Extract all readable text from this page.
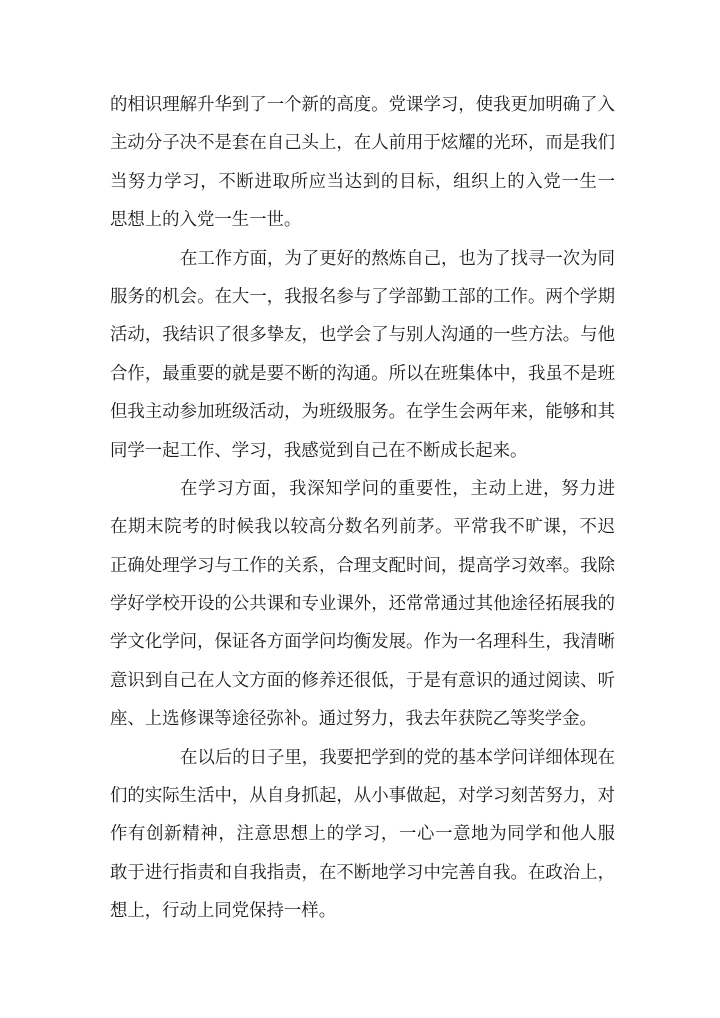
的相识理解升华到了一个新的高度。党课学习，使我更加明确了入
主动分子决不是套在自己头上，在人前用于炫耀的光环，而是我们
当努力学习，不断进取所应当达到的目标，组织上的入党一生一
思想上的入党一生一世。
在工作方面，为了更好的熬炼自己，也为了找寻一次为同
服务的机会。在大一，我报名参与了学部勤工部的工作。两个学期
活动，我结识了很多挚友，也学会了与别人沟通的一些方法。与他
合作，最重要的就是要不断的沟通。所以在班集体中，我虽不是班
但我主动参加班级活动，为班级服务。在学生会两年来，能够和其
同学一起工作、学习，我感觉到自己在不断成长起来。
在学习方面，我深知学问的重要性，主动上进，努力进
在期末院考的时候我以较高分数名列前茅。平常我不旷课，不迟
正确处理学习与工作的关系，合理支配时间，提高学习效率。我除
学好学校开设的公共课和专业课外，还常常通过其他途径拓展我的
学文化学问，保证各方面学问均衡发展。作为一名理科生，我清晰
意识到自己在人文方面的修养还很低，于是有意识的通过阅读、听
座、上选修课等途径弥补。通过努力，我去年获院乙等奖学金。
在以后的日子里，我要把学到的党的基本学问详细体现在
们的实际生活中，从自身抓起，从小事做起，对学习刻苦努力，对
作有创新精神，注意思想上的学习，一心一意地为同学和他人服
敢于进行指责和自我指责，在不断地学习中完善自我。在政治上，
想上，行动上同党保持一样。
